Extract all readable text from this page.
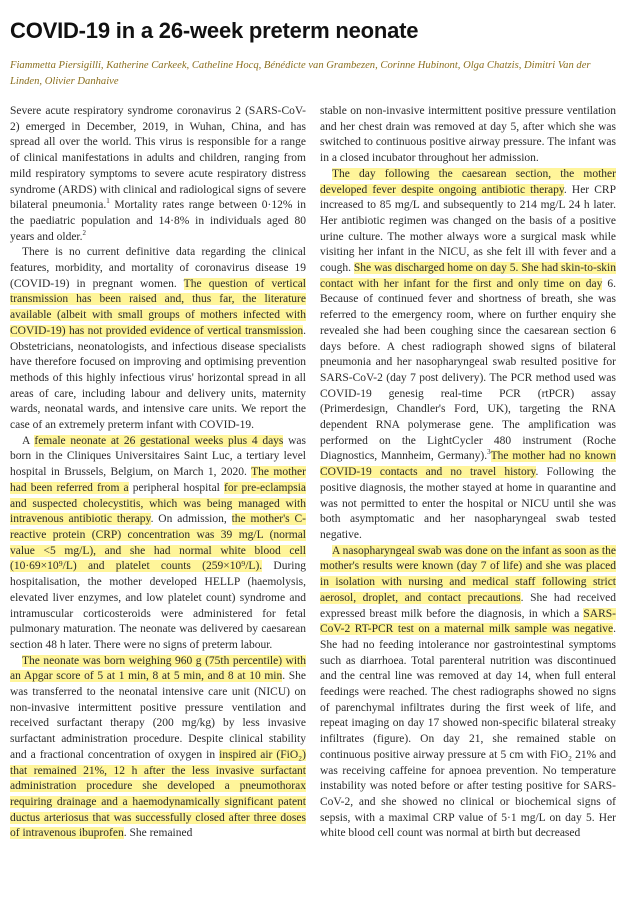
COVID-19 in a 26-week preterm neonate
Fiammetta Piersigilli, Katherine Carkeek, Catheline Hocq, Bénédicte van Grambezen, Corinne Hubinont, Olga Chatzis, Dimitri Van der Linden, Olivier Danhaive

Severe acute respiratory syndrome coronavirus 2 (SARS-CoV-2) emerged in December, 2019, in Wuhan, China, and has spread all over the world. This virus is responsible for a range of clinical manifestations in adults and children, ranging from mild respiratory symptoms to severe acute respiratory distress syndrome (ARDS) with clinical and radiological signs of severe bilateral pneumonia.$^1$ Mortality rates range between 0·12% in the paediatric population and 14·8% in individuals aged 80 years and older.$^2$

There is no current definitive data regarding the clinical features, morbidity, and mortality of coronavirus disease 19 (COVID-19) in pregnant women. The question of vertical transmission has been raised and, thus far, the literature available (albeit with small groups of mothers infected with COVID-19) has not provided evidence of vertical transmission. Obstetricians, neonatologists, and infectious disease specialists have therefore focused on improving and optimising prevention methods of this highly infectious virus' horizontal spread in all areas of care, including labour and delivery units, maternity wards, neonatal wards, and intensive care units. We report the case of an extremely preterm infant with COVID-19.

A female neonate at 26 gestational weeks plus 4 days was born in the Cliniques Universitaires Saint Luc, a tertiary level hospital in Brussels, Belgium, on March 1, 2020. The mother had been referred from a peripheral hospital for pre-eclampsia and suspected cholecystitis, which was being managed with intravenous antibiotic therapy. On admission, the mother's C-reactive protein (CRP) concentration was 39 mg/L (normal value <5 mg/L), and she had normal white blood cell (10·69×10⁹/L) and platelet counts (259×10⁹/L). During hospitalisation, the mother developed HELLP (haemolysis, elevated liver enzymes, and low platelet count) syndrome and intramuscular corticosteroids were administered for fetal pulmonary maturation. The neonate was delivered by caesarean section 48 h later. There were no signs of preterm labour.

The neonate was born weighing 960 g (75th percentile) with an Apgar score of 5 at 1 min, 8 at 5 min, and 8 at 10 min. She was transferred to the neonatal intensive care unit (NICU) on non-invasive intermittent positive pressure ventilation and received surfactant therapy (200 mg/kg) by less invasive surfactant administration procedure. Despite clinical stability and a fractional concentration of oxygen in inspired air (FiO₂) that remained 21%, 12 h after the less invasive surfactant administration procedure she developed a pneumothorax requiring drainage and a haemodynamically significant patent ductus arteriosus that was successfully closed after three doses of intravenous ibuprofen. She remained

stable on non-invasive intermittent positive pressure ventilation and her chest drain was removed at day 5, after which she was switched to continuous positive airway pressure. The infant was in a closed incubator throughout her admission.

The day following the caesarean section, the mother developed fever despite ongoing antibiotic therapy. Her CRP increased to 85 mg/L and subsequently to 214 mg/L 24 h later. Her antibiotic regimen was changed on the basis of a positive urine culture. The mother always wore a surgical mask while visiting her infant in the NICU, as she felt ill with fever and a cough. She was discharged home on day 5. She had skin-to-skin contact with her infant for the first and only time on day 6. Because of continued fever and shortness of breath, she was referred to the emergency room, where on further enquiry she revealed she had been coughing since the caesarean section 6 days before. A chest radiograph showed signs of bilateral pneumonia and her nasopharyngeal swab resulted positive for SARS-CoV-2 (day 7 post delivery). The PCR method used was COVID-19 genesig real-time PCR (rtPCR) assay (Primerdesign, Chandler's Ford, UK), targeting the RNA dependent RNA polymerase gene. The amplification was performed on the LightCycler 480 instrument (Roche Diagnostics, Mannheim, Germany).$^3$The mother had no known COVID-19 contacts and no travel history. Following the positive diagnosis, the mother stayed at home in quarantine and was not permitted to enter the hospital or NICU until she was both asymptomatic and her nasopharyngeal swab tested negative.

A nasopharyngeal swab was done on the infant as soon as the mother's results were known (day 7 of life) and she was placed in isolation with nursing and medical staff following strict aerosol, droplet, and contact precautions. She had received expressed breast milk before the diagnosis, in which a SARS-CoV-2 RT-PCR test on a maternal milk sample was negative. She had no feeding intolerance nor gastrointestinal symptoms such as diarrhoea. Total parenteral nutrition was discontinued and the central line was removed at day 14, when full enteral feedings were reached. The chest radiographs showed no signs of parenchymal infiltrates during the first week of life, and repeat imaging on day 17 showed non-specific bilateral streaky infiltrates (figure). On day 21, she remained stable on continuous positive airway pressure at 5 cm with FiO₂ 21% and was receiving caffeine for apnoea prevention. No temperature instability was noted before or after testing positive for SARS-CoV-2, and she showed no clinical or biochemical signs of sepsis, with a maximal CRP value of 5·1 mg/L on day 5. Her white blood cell count was normal at birth but decreased
